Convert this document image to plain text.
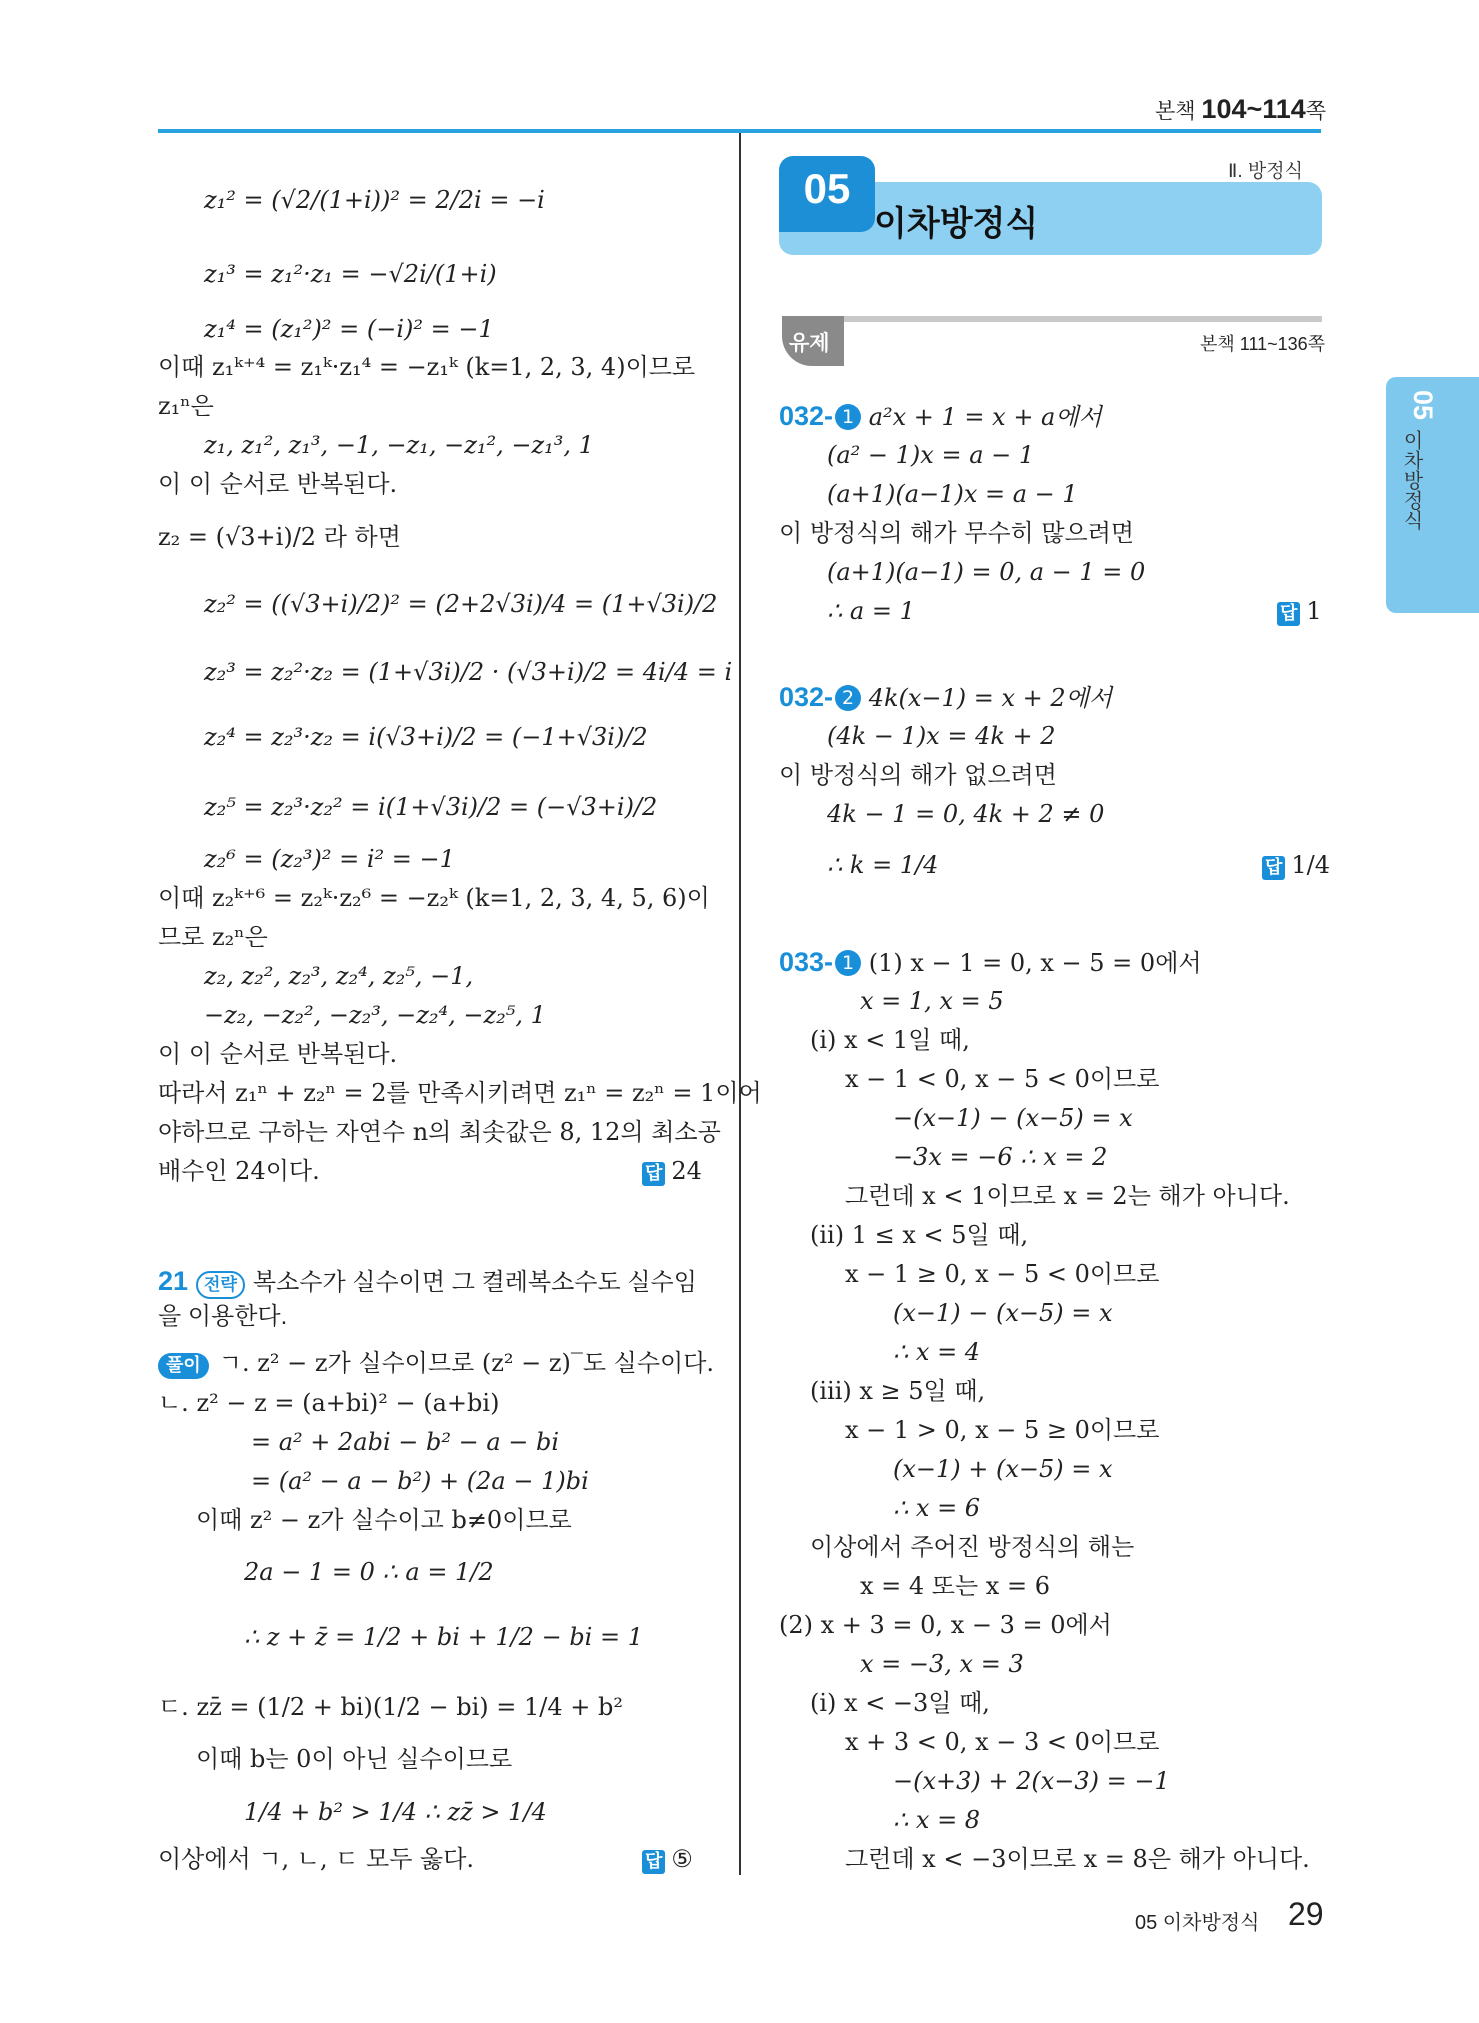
본책 104~114쪽
05
이차방정식
Ⅱ. 방정식
05
이차방정식
유제	본책 111~136쪽
z₁² = (√2/(1+i))² = 2/2i = −i
z₁³ = z₁²·z₁ = −√2i/(1+i)
z₁⁴ = (z₁²)² = (−i)² = −1
이때 z₁ᵏ⁺⁴ = z₁ᵏ·z₁⁴ = −z₁ᵏ (k=1, 2, 3, 4)이므로
z₁ⁿ은
z₁, z₁², z₁³, −1, −z₁, −z₁², −z₁³, 1
이 이 순서로 반복된다.
z₂ = (√3+i)/2 라 하면
z₂² = ((√3+i)/2)² = (2+2√3i)/4 = (1+√3i)/2
z₂³ = z₂²·z₂ = (1+√3i)/2 · (√3+i)/2 = 4i/4 = i
z₂⁴ = z₂³·z₂ = i(√3+i)/2 = (−1+√3i)/2
z₂⁵ = z₂³·z₂² = i(1+√3i)/2 = (−√3+i)/2
z₂⁶ = (z₂³)² = i² = −1
이때 z₂ᵏ⁺⁶ = z₂ᵏ·z₂⁶ = −z₂ᵏ (k=1, 2, 3, 4, 5, 6)이
므로 z₂ⁿ은
z₂, z₂², z₂³, z₂⁴, z₂⁵, −1,
−z₂, −z₂², −z₂³, −z₂⁴, −z₂⁵, 1
이 이 순서로 반복된다.
따라서 z₁ⁿ + z₂ⁿ = 2를 만족시키려면 z₁ⁿ = z₂ⁿ = 1이어
야하므로 구하는 자연수 n의 최솟값은 8, 12의 최소공
배수인 24이다.	답 24
21 전략 복소수가 실수이면 그 켤레복소수도 실수임
을 이용한다.
풀이 ㄱ. z² − z가 실수이므로 (z² − z)‾도 실수이다.
ㄴ. z² − z = (a+bi)² − (a+bi)
= a² + 2abi − b² − a − bi
= (a² − a − b²) + (2a − 1)bi
이때 z² − z가 실수이고 b≠0이므로
2a − 1 = 0 ∴ a = 1/2
∴ z + z̄ = 1/2 + bi + 1/2 − bi = 1
ㄷ. zz̄ = (1/2 + bi)(1/2 − bi) = 1/4 + b²
이때 b는 0이 아닌 실수이므로
1/4 + b² > 1/4 ∴ zz̄ > 1/4
이상에서 ㄱ, ㄴ, ㄷ 모두 옳다.	답 ⑤
032- 1 a²x + 1 = x + a에서
(a² − 1)x = a − 1
(a+1)(a−1)x = a − 1
이 방정식의 해가 무수히 많으려면
(a+1)(a−1) = 0, a − 1 = 0
∴ a = 1	답 1
032- 2 4k(x−1) = x + 2에서
(4k − 1)x = 4k + 2
이 방정식의 해가 없으려면
4k − 1 = 0, 4k + 2 ≠ 0
∴ k = 1/4	답 1/4
033- 1 (1) x − 1 = 0, x − 5 = 0에서
x = 1, x = 5
(ⅰ) x < 1일 때,
x − 1 < 0, x − 5 < 0이므로
−(x−1) − (x−5) = x
−3x = −6 ∴ x = 2
그런데 x < 1이므로 x = 2는 해가 아니다.
(ⅱ) 1 ≤ x < 5일 때,
x − 1 ≥ 0, x − 5 < 0이므로
(x−1) − (x−5) = x
∴ x = 4
(ⅲ) x ≥ 5일 때,
x − 1 > 0, x − 5 ≥ 0이므로
(x−1) + (x−5) = x
∴ x = 6
이상에서 주어진 방정식의 해는
x = 4 또는 x = 6
(2) x + 3 = 0, x − 3 = 0에서
x = −3, x = 3
(ⅰ) x < −3일 때,
x + 3 < 0, x − 3 < 0이므로
−(x+3) + 2(x−3) = −1
∴ x = 8
그런데 x < −3이므로 x = 8은 해가 아니다.
05 이차방정식 29
